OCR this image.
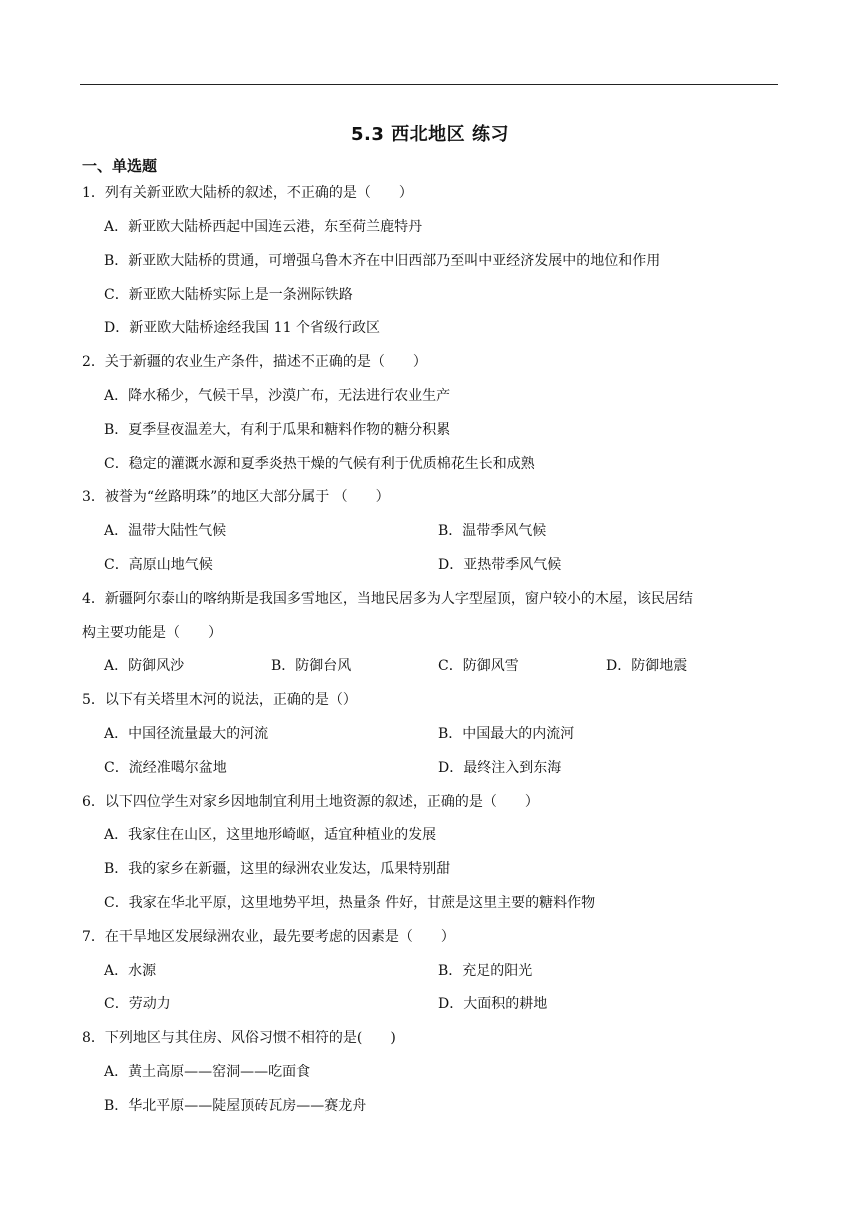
5.3 西北地区 练习
一、单选题
1．列有关新亚欧大陆桥的叙述，不正确的是（　　）
A．新亚欧大陆桥西起中国连云港，东至荷兰鹿特丹
B．新亚欧大陆桥的贯通，可增强乌鲁木齐在中旧西部乃至叫中亚经济发展中的地位和作用
C．新亚欧大陆桥实际上是一条洲际铁路
D．新亚欧大陆桥途经我国 11 个省级行政区
2．关于新疆的农业生产条件，描述不正确的是（　　）
A．降水稀少，气候干旱，沙漠广布，无法进行农业生产
B．夏季昼夜温差大，有利于瓜果和糖料作物的糖分积累
C．稳定的灌溉水源和夏季炎热干燥的气候有利于优质棉花生长和成熟
3．被誉为“丝路明珠”的地区大部分属于 （　　）
A．温带大陆性气候	B．温带季风气候
C．高原山地气候	D．亚热带季风气候
4．新疆阿尔泰山的喀纳斯是我国多雪地区，当地民居多为人字型屋顶，窗户较小的木屋，该民居结
构主要功能是（　　）
A．防御风沙	B．防御台风	C．防御风雪	D．防御地震
5．以下有关塔里木河的说法，正确的是（）
A．中国径流量最大的河流	B．中国最大的内流河
C．流经准噶尔盆地	D．最终注入到东海
6．以下四位学生对家乡因地制宜利用土地资源的叙述，正确的是（　　）
A．我家住在山区，这里地形崎岖，适宜种植业的发展
B．我的家乡在新疆，这里的绿洲农业发达，瓜果特别甜
C．我家在华北平原，这里地势平坦，热量条 件好，甘蔗是这里主要的糖料作物
7．在干旱地区发展绿洲农业，最先要考虑的因素是（　　）
A．水源	B．充足的阳光
C．劳动力	D．大面积的耕地
8．下列地区与其住房、风俗习惯不相符的是(　　)
A．黄土高原——窑洞——吃面食
B．华北平原——陡屋顶砖瓦房——赛龙舟
